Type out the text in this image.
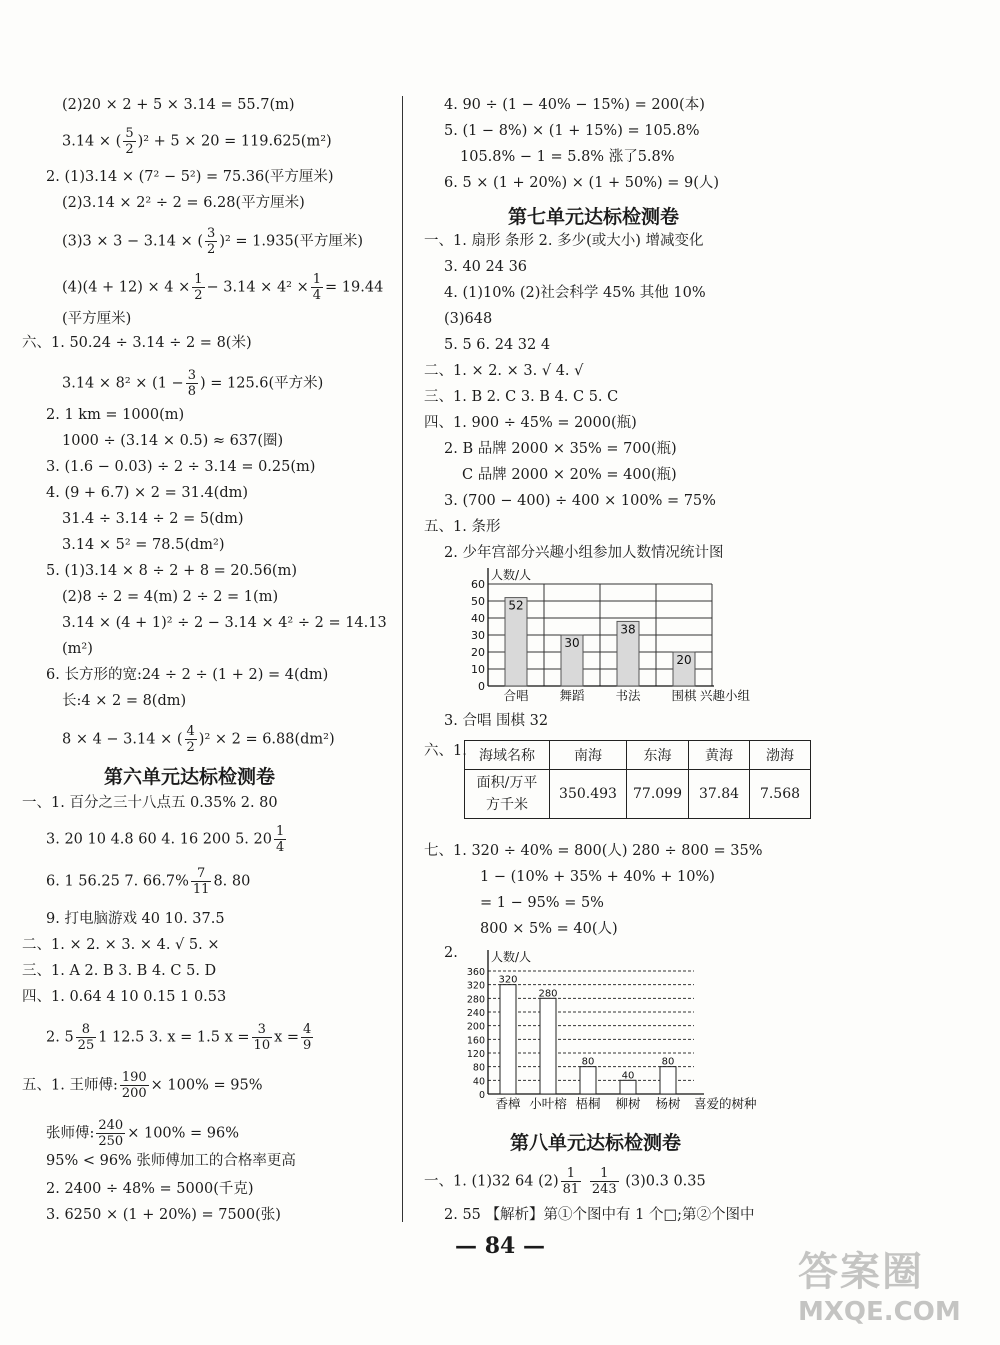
(2)20 × 2 + 5 × 3.14 = 55.7(m)
3.14 × ( $\frac{5}{2} )^2 + 5 \times 20 = 119.625(m^2)$
2. (1)3.14 × (7² − 5²) = 75.36(平方厘米)
(2)3.14 × 2² ÷ 2 = 6.28(平方厘米)
(3)3 × 3 − 3.14 × ( $\frac{3}{2} )^2 = 1.935$(平方厘米)
$(4)(4 + 12) \times 4 \times \frac{1}{2} - 3.14 \times 4^2 \times \frac{1}{4} = 19.44$
(平方厘米)
六、1. 50.24 ÷ 3.14 ÷ 2 = 8(米)
$3.14 \times 8^2 \times (1 - \frac{3}{8}$ ) = 125.6(平方米)
2. 1 km = 1000(m)
1000 ÷ (3.14 × 0.5) ≈ 637(圈)
3. (1.6 − 0.03) ÷ 2 ÷ 3.14 = 0.25(m)
4. (9 + 6.7) × 2 = 31.4(dm)
31.4 ÷ 3.14 ÷ 2 = 5(dm)
3.14 × 5² = 78.5(dm²)
5. (1)3.14 × 8 ÷ 2 + 8 = 20.56(m)
(2)8 ÷ 2 = 4(m) 2 ÷ 2 = 1(m)
3.14 × (4 + 1)² ÷ 2 − 3.14 × 4² ÷ 2 = 14.13
(m²)
6. 长方形的宽:24 ÷ 2 ÷ (1 + 2) = 4(dm)
长:4 × 2 = 8(dm)
8 × 4 − 3.14 × ( $\frac{4}{2} )^2 \times 2 = 6.88(dm^2)$
第六单元达标检测卷
一、1. 百分之三十八点五 0.35% 2. 80
3. 20 10 4.8 60 4. 16 200 5. $20 \frac{1}{4}$
6. 1 56.25 7. $66.7\% \frac{7}{11} 8$. 80
9. 打电脑游戏 40 10. 37.5
二、1. × 2. × 3. × 4. √ 5. ×
三、1. A 2. B 3. B 4. C 5. D
四、1. 0.64 4 10 0.15 1 0.53
2. $5 \frac{8}{25} 1$ 12.5 3. x = 1.5 $x = \frac{3}{10}$ $x = \frac{4}{9}$
五、1. 王师傅: $\frac{190}{200} \times 100\% = 95\%$
张师傅: $\frac{240}{250} \times 100\% = 96\%$
95% < 96% 张师傅加工的合格率更高
2. 2400 ÷ 48% = 5000(千克)
3. 6250 × (1 + 20%) = 7500(张)
4. 90 ÷ (1 − 40% − 15%) = 200(本)
5. (1 − 8%) × (1 + 15%) = 105.8%
105.8% − 1 = 5.8% 涨了5.8%
6. 5 × (1 + 20%) × (1 + 50%) = 9(人)
第七单元达标检测卷
一、1. 扇形 条形 2. 多少(或大小) 增减变化
3. 40 24 36
4. (1)10% (2)社会科学 45% 其他 10%
(3)648
5. 5 6. 24 32 4
二、1. × 2. × 3. √ 4. √
三、1. B 2. C 3. B 4. C 5. C
四、1. 900 ÷ 45% = 2000(瓶)
2. B 品牌 2000 × 35% = 700(瓶)
C 品牌 2000 × 20% = 400(瓶)
3. (700 − 400) ÷ 400 × 100% = 75%
五、1. 条形
2. 少年宫部分兴趣小组参加人数情况统计图
0
10
20
30
40
50
60
人数/人
52
合唱
30
舞蹈
38
书法
20
围棋 兴趣小组
3. 合唱 围棋 32
六、1. 海域名称	南海	东海	黄海	渤海
面积/万平
方千米	350.493	77.099	37.84	7.568
七、1. 320 ÷ 40% = 800(人) 280 ÷ 800 = 35%
1 − (10% + 35% + 40% + 10%)
= 1 − 95% = 5%
800 × 5% = 40(人)
2.
0
40
80
120
160
200
240
280
320
360
人数/人
320
香樟
280
小叶榕
80
梧桐
40
柳树
80
杨树 喜爱的树种
第八单元达标检测卷
一、1. (1)32 64 $(2) \frac{1}{81}$
$\frac{1}{243} (3)0.3$ 0.35
2. 55 【解析】第①个图中有 1 个□;第②个图中
— 84 —
答案圈
MXQE.COM
